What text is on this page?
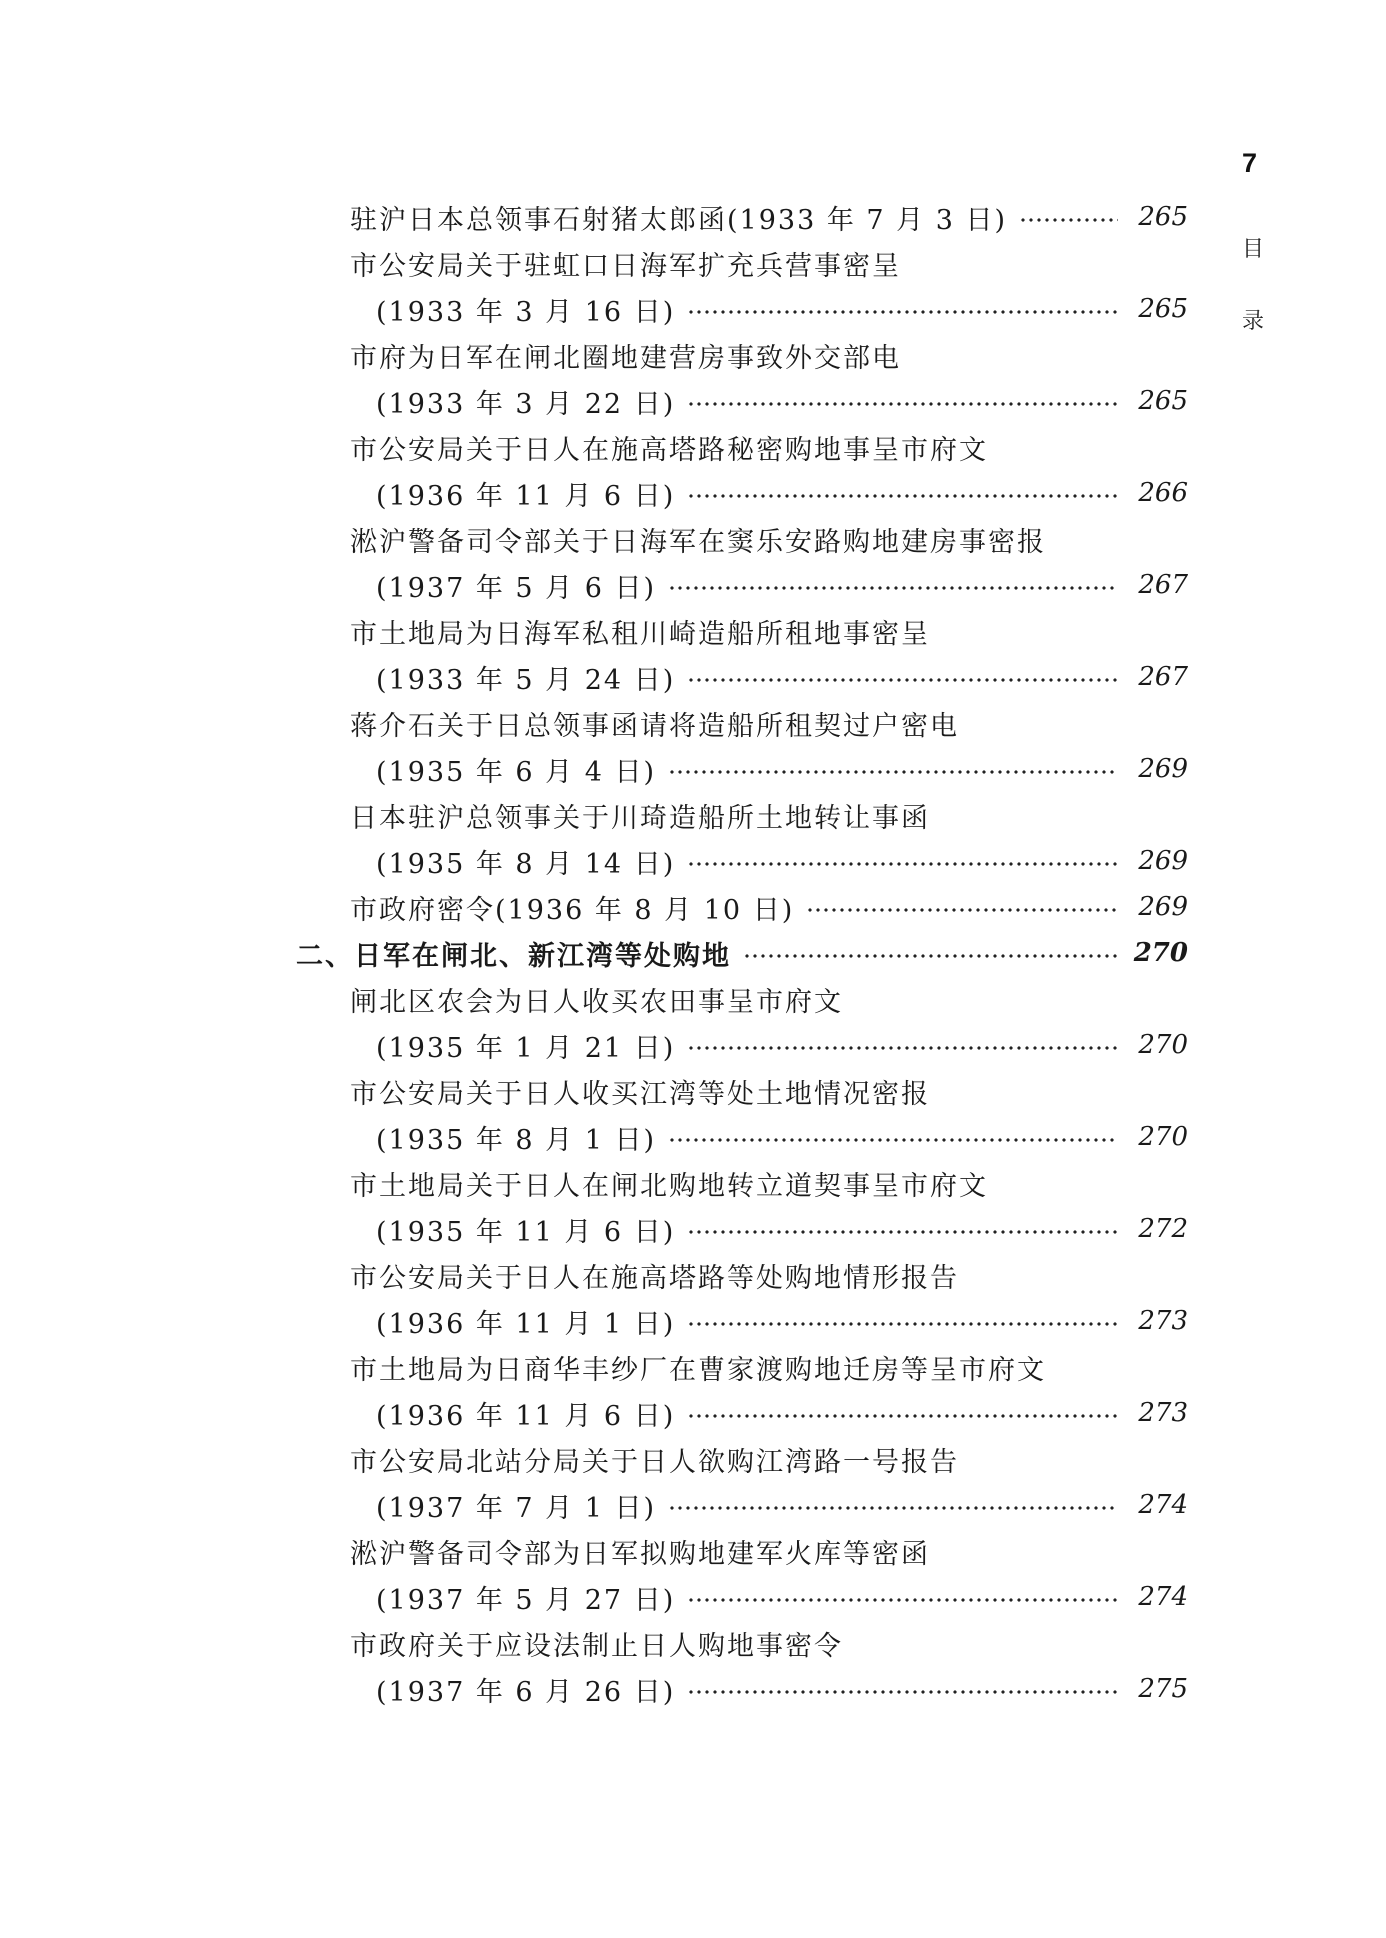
7
目
录
驻沪日本总领事石射猪太郎函(1933 年 7 月 3 日)	265
市公安局关于驻虹口日海军扩充兵营事密呈
(1933 年 3 月 16 日)	265
市府为日军在闸北圈地建营房事致外交部电
(1933 年 3 月 22 日)	265
市公安局关于日人在施高塔路秘密购地事呈市府文
(1936 年 11 月 6 日)	266
淞沪警备司令部关于日海军在窦乐安路购地建房事密报
(1937 年 5 月 6 日)	267
市土地局为日海军私租川崎造船所租地事密呈
(1933 年 5 月 24 日)	267
蒋介石关于日总领事函请将造船所租契过户密电
(1935 年 6 月 4 日)	269
日本驻沪总领事关于川琦造船所土地转让事函
(1935 年 8 月 14 日)	269
市政府密令(1936 年 8 月 10 日)	269
二、日军在闸北、新江湾等处购地	270
闸北区农会为日人收买农田事呈市府文
(1935 年 1 月 21 日)	270
市公安局关于日人收买江湾等处土地情况密报
(1935 年 8 月 1 日)	270
市土地局关于日人在闸北购地转立道契事呈市府文
(1935 年 11 月 6 日)	272
市公安局关于日人在施高塔路等处购地情形报告
(1936 年 11 月 1 日)	273
市土地局为日商华丰纱厂在曹家渡购地迁房等呈市府文
(1936 年 11 月 6 日)	273
市公安局北站分局关于日人欲购江湾路一号报告
(1937 年 7 月 1 日)	274
淞沪警备司令部为日军拟购地建军火库等密函
(1937 年 5 月 27 日)	274
市政府关于应设法制止日人购地事密令
(1937 年 6 月 26 日)	275
